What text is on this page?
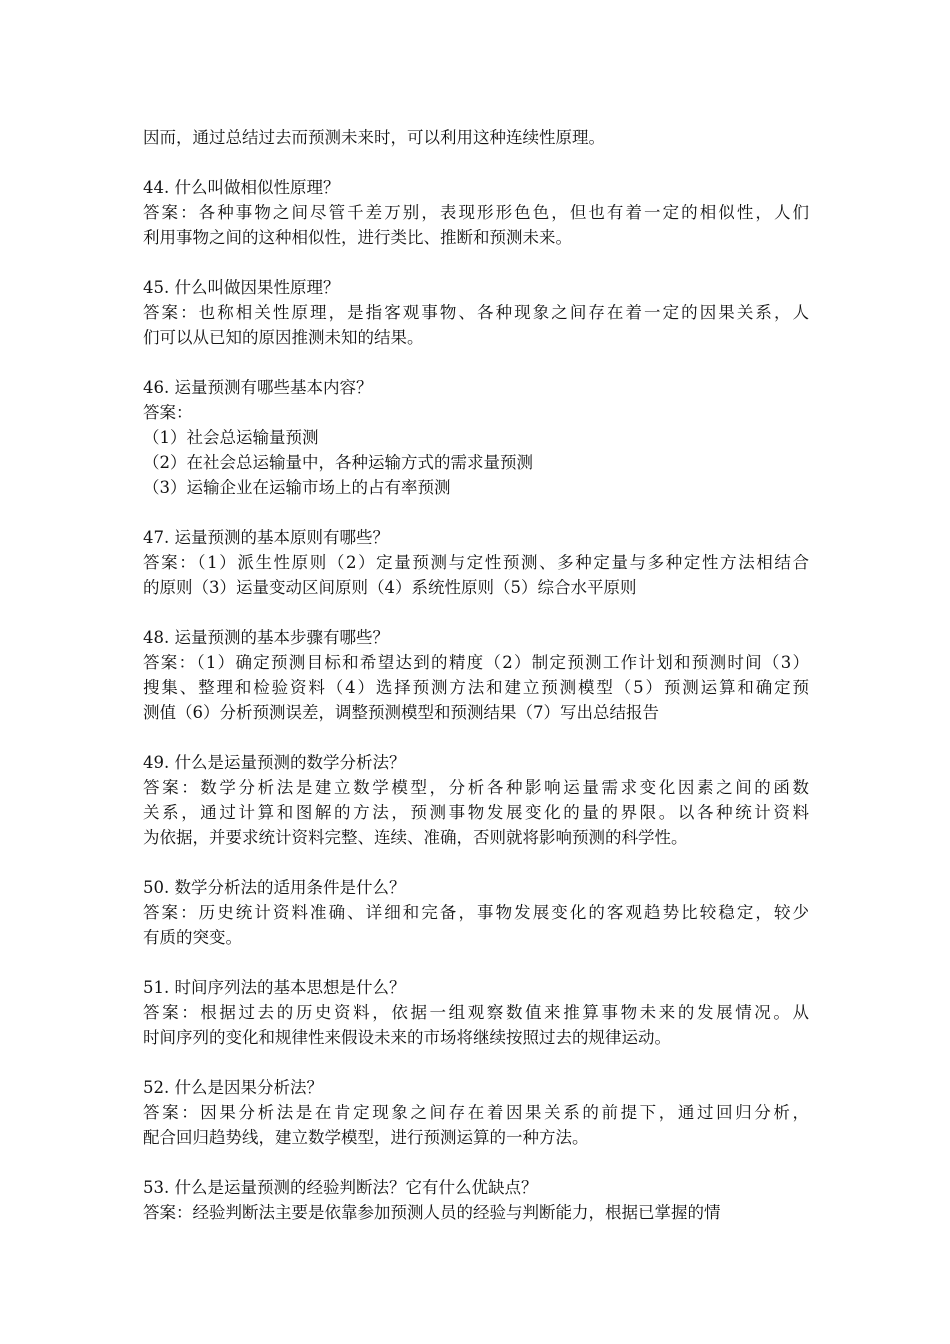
因而，通过总结过去而预测未来时，可以利用这种连续性原理。
44. 什么叫做相似性原理？
答案：各种事物之间尽管千差万别，表现形形色色，但也有着一定的相似性，人们
利用事物之间的这种相似性，进行类比、推断和预测未来。
45. 什么叫做因果性原理？
答案：也称相关性原理，是指客观事物、各种现象之间存在着一定的因果关系，人
们可以从已知的原因推测未知的结果。
46. 运量预测有哪些基本内容？
答案：
（1）社会总运输量预测
（2）在社会总运输量中，各种运输方式的需求量预测
（3）运输企业在运输市场上的占有率预测
47. 运量预测的基本原则有哪些？
答案：（1）派生性原则（2）定量预测与定性预测、多种定量与多种定性方法相结合
的原则（3）运量变动区间原则（4）系统性原则（5）综合水平原则
48. 运量预测的基本步骤有哪些？
答案：（1）确定预测目标和希望达到的精度（2）制定预测工作计划和预测时间（3）
搜集、整理和检验资料（4）选择预测方法和建立预测模型（5）预测运算和确定预
测值（6）分析预测误差，调整预测模型和预测结果（7）写出总结报告
49. 什么是运量预测的数学分析法？
答案：数学分析法是建立数学模型，分析各种影响运量需求变化因素之间的函数
关系，通过计算和图解的方法，预测事物发展变化的量的界限。以各种统计资料
为依据，并要求统计资料完整、连续、准确，否则就将影响预测的科学性。
50. 数学分析法的适用条件是什么？
答案：历史统计资料准确、详细和完备，事物发展变化的客观趋势比较稳定，较少
有质的突变。
51. 时间序列法的基本思想是什么？
答案：根据过去的历史资料，依据一组观察数值来推算事物未来的发展情况。从
时间序列的变化和规律性来假设未来的市场将继续按照过去的规律运动。
52. 什么是因果分析法？
答案：因果分析法是在肯定现象之间存在着因果关系的前提下，通过回归分析，
配合回归趋势线，建立数学模型，进行预测运算的一种方法。
53. 什么是运量预测的经验判断法？它有什么优缺点？
答案：经验判断法主要是依靠参加预测人员的经验与判断能力，根据已掌握的情
